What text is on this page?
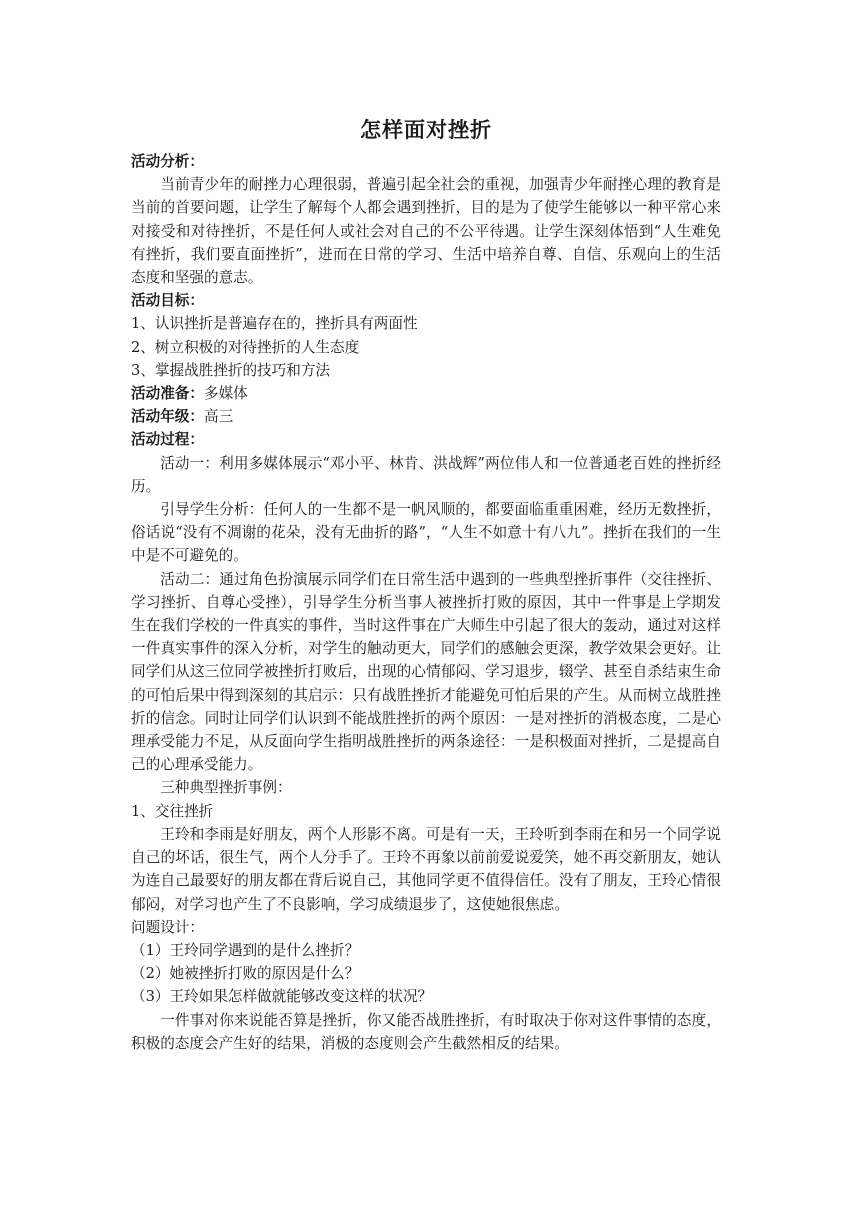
怎样面对挫折

活动分析：

当前青少年的耐挫力心理很弱，普遍引起全社会的重视，加强青少年耐挫心理的教育是当前的首要问题，让学生了解每个人都会遇到挫折，目的是为了使学生能够以一种平常心来对接受和对待挫折，不是任何人或社会对自己的不公平待遇。让学生深刻体悟到“人生难免有挫折，我们要直面挫折”，进而在日常的学习、生活中培养自尊、自信、乐观向上的生活态度和坚强的意志。

活动目标：

1、认识挫折是普遍存在的，挫折具有两面性

2、树立积极的对待挫折的人生态度

3、掌握战胜挫折的技巧和方法

活动准备：多媒体

活动年级：高三

活动过程：

活动一：利用多媒体展示“邓小平、林肯、洪战辉”两位伟人和一位普通老百姓的挫折经历。

引导学生分析：任何人的一生都不是一帆风顺的，都要面临重重困难，经历无数挫折，俗话说“没有不凋谢的花朵，没有无曲折的路”，“人生不如意十有八九”。挫折在我们的一生中是不可避免的。

活动二：通过角色扮演展示同学们在日常生活中遇到的一些典型挫折事件（交往挫折、学习挫折、自尊心受挫），引导学生分析当事人被挫折打败的原因，其中一件事是上学期发生在我们学校的一件真实的事件，当时这件事在广大师生中引起了很大的轰动，通过对这样一件真实事件的深入分析，对学生的触动更大，同学们的感触会更深，教学效果会更好。让同学们从这三位同学被挫折打败后，出现的心情郁闷、学习退步，辍学、甚至自杀结束生命的可怕后果中得到深刻的其启示：只有战胜挫折才能避免可怕后果的产生。从而树立战胜挫折的信念。同时让同学们认识到不能战胜挫折的两个原因：一是对挫折的消极态度，二是心理承受能力不足，从反面向学生指明战胜挫折的两条途径：一是积极面对挫折，二是提高自己的心理承受能力。

三种典型挫折事例：

1、交往挫折

王玲和李雨是好朋友，两个人形影不离。可是有一天，王玲听到李雨在和另一个同学说自己的坏话，很生气，两个人分手了。王玲不再象以前前爱说爱笑，她不再交新朋友，她认为连自己最要好的朋友都在背后说自己，其他同学更不值得信任。没有了朋友，王玲心情很郁闷，对学习也产生了不良影响，学习成绩退步了，这使她很焦虑。

问题设计：

（1）王玲同学遇到的是什么挫折？

（2）她被挫折打败的原因是什么？

（3）王玲如果怎样做就能够改变这样的状况？

一件事对你来说能否算是挫折，你又能否战胜挫折，有时取决于你对这件事情的态度，积极的态度会产生好的结果，消极的态度则会产生截然相反的结果。
